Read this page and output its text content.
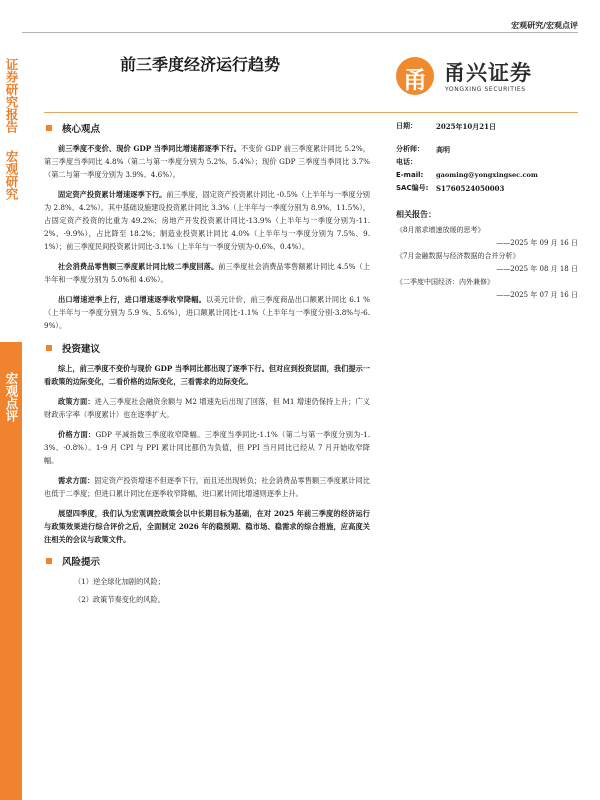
宏观研究/宏观点评
前三季度经济运行趋势
甬 甬兴证券
YONGXING SECURITIES
证券研究报告
宏观研究
宏观点评
核心观点

前三季度不变价、现价 GDP 当季同比增速都逐季下行。不变价 GDP 前三季度累计同比 5.2%，第三季度当季同比 4.8%（第二与第一季度分别为 5.2%、5.4%）；现价 GDP 三季度当季同比 3.7%（第二与第一季度分别为 3.9%、4.6%）。

固定资产投资累计增速逐季下行。前三季度，固定资产投资累计同比 -0.5%（上半年与一季度分别为 2.8%、4.2%）。其中基础设施建设投资累计同比 3.3%（上半年与一季度分别为 8.9%、11.5%），占固定资产投资的比重为 49.2%；房地产开发投资累计同比-13.9%（上半年与一季度分别为-11.2%、-9.9%），占比降至 18.2%；制造业投资累计同比 4.0%（上半年与一季度分别为 7.5%、9.1%）；前三季度民间投资累计同比-3.1%（上半年与一季度分别为-0.6%、0.4%）。

社会消费品零售额三季度累计同比较二季度回落。前三季度社会消费品零售额累计同比 4.5%（上半年和一季度分别为 5.0%和 4.6%）。

出口增速逆季上行，进口增速逐季收窄降幅。以美元计价，前三季度商品出口额累计同比 6.1 %（上半年与一季度分别为 5.9 %、5.6%），进口额累计同比-1.1%（上半年与一季度分别-3.8%与-6.9%）。

投资建议

综上，前三季度不变价与现价 GDP 当季同比都出现了逐季下行。但对应到投资层面，我们提示一看政策的边际变化，二看价格的边际变化，三看需求的边际变化。

政策方面：进入三季度社会融资余额与 M2 增速先后出现了回落，但 M1 增速仍保持上升；广义财政赤字率（季度累计）也在逐季扩大。

价格方面：GDP 平减指数三季度收窄降幅。三季度当季同比-1.1%（第二与第一季度分别为-1.3%、-0.8%）。1-9 月 CPI 与 PPI 累计同比都仍为负值，但 PPI 当月同比已经从 7 月开始收窄降幅。

需求方面：固定资产投资增速不但逐季下行，而且还出现转负；社会消费品零售额三季度累计同比也低于二季度；但进口累计同比在逐季收窄降幅，进口累计同比增速则逐季上升。

展望四季度，我们认为宏观调控政策会以中长期目标为基础，在对 2025 年前三季度的经济运行与政策效果进行综合评价之后，全面制定 2026 年的稳预期、稳市场、稳需求的综合措施，应高度关注相关的会议与政策文件。

风险提示

（1）逆全球化加剧的风险；

（2）政策节奏变化的风险。

日期：	2025年10月21日
分析师：	高明
电话：
E-mail:	gaoming@yongxingsec.com
SAC编号:	S1760524050003
相关报告：
《8月需求增速放缓的思考》
——2025 年 09 月 16 日
《7月金融数据与经济数据的合并分析》
——2025 年 08 月 18 日
《二季度中国经济：内外兼修》
——2025 年 07 月 16 日
